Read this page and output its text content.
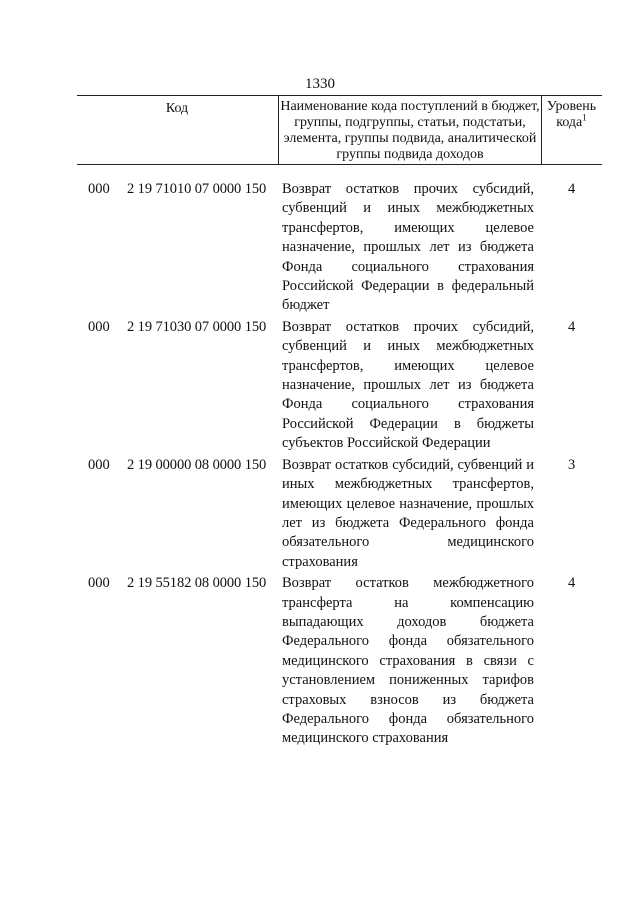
1330
Код	Наименование кода поступлений в бюджет, группы, подгруппы, статьи, подстатьи, элемента, группы подвида, аналитической группы подвида доходов
Уровень кода$^1$
000 2 19 71010 07 0000 150 Возврат остатков прочих субсидий, субвенций и иных межбюджетных трансфертов, имеющих целевое назначение, прошлых лет из бюджета Фонда социального страхования Российской Федерации в федеральный бюджет
4
000 2 19 71030 07 0000 150 Возврат остатков прочих субсидий, субвенций и иных межбюджетных трансфертов, имеющих целевое назначение, прошлых лет из бюджета Фонда социального страхования Российской Федерации в бюджеты субъектов Российской Федерации
4
000 2 19 00000 08 0000 150 Возврат остатков субсидий, субвенций и иных межбюджетных трансфертов, имеющих целевое назначение, прошлых лет из бюджета Федерального фонда обязательного медицинского страхования
3
000 2 19 55182 08 0000 150 Возврат остатков межбюджетного трансферта на компенсацию выпадающих доходов бюджета Федерального фонда обязательного медицинского страхования в связи с установлением пониженных тарифов страховых взносов из бюджета Федерального фонда обязательного медицинского страхования
4
